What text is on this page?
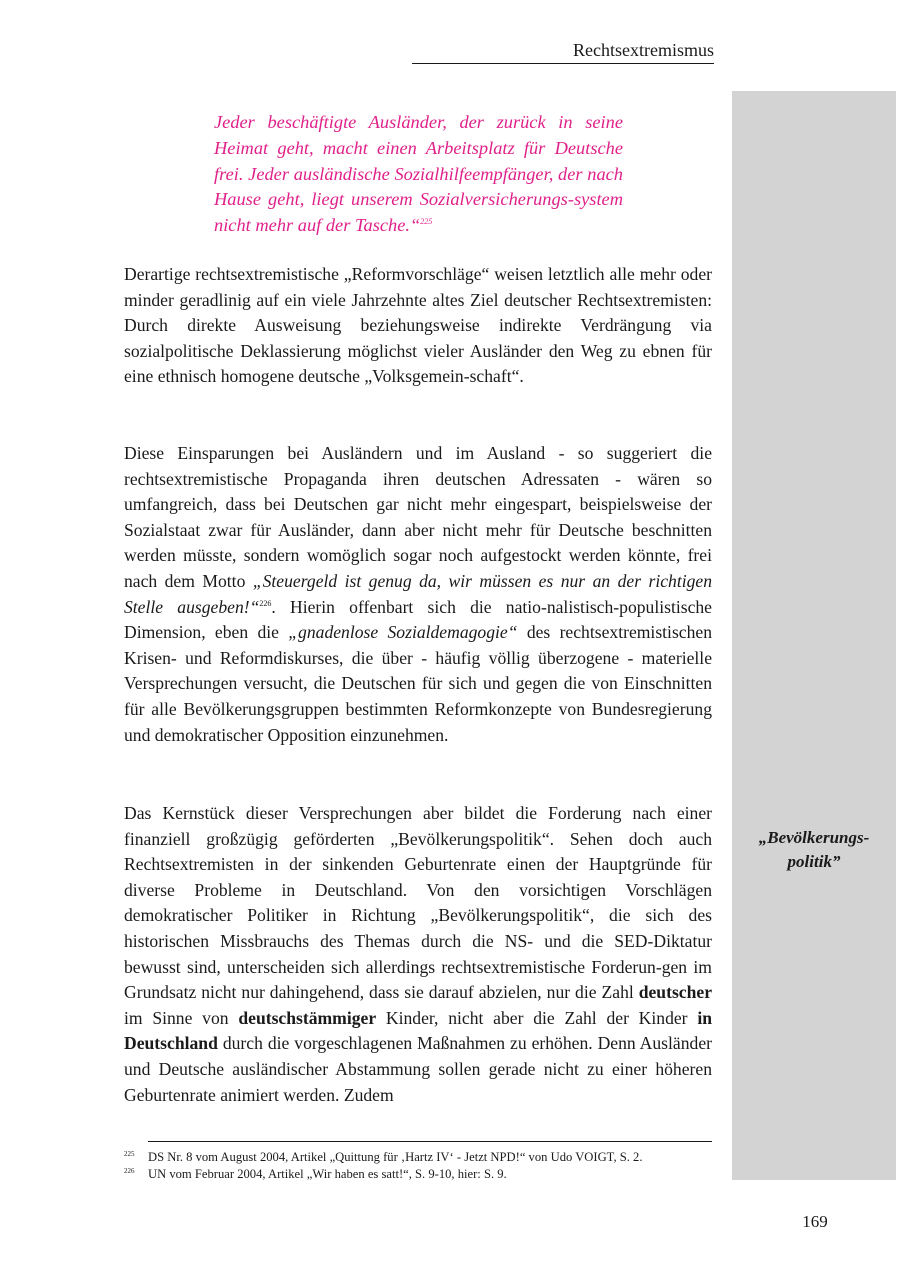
Rechtsextremismus
„Bevölkerungs-politik”
Jeder beschäftigte Ausländer, der zurück in seine Heimat geht, macht einen Arbeitsplatz für Deutsche frei. Jeder ausländische Sozialhilfeempfänger, der nach Hause geht, liegt unserem Sozialversicherungs-system nicht mehr auf der Tasche.“$^{225}$

Derartige rechtsextremistische „Reformvorschläge“ weisen letztlich alle mehr oder minder geradlinig auf ein viele Jahrzehnte altes Ziel deutscher Rechtsextremisten: Durch direkte Ausweisung beziehungsweise indirekte Verdrängung via sozialpolitische Deklassierung möglichst vieler Ausländer den Weg zu ebnen für eine ethnisch homogene deutsche „Volksgemein-schaft“.

Diese Einsparungen bei Ausländern und im Ausland - so suggeriert die rechtsextremistische Propaganda ihren deutschen Adressaten - wären so umfangreich, dass bei Deutschen gar nicht mehr eingespart, beispielsweise der Sozialstaat zwar für Ausländer, dann aber nicht mehr für Deutsche beschnitten werden müsste, sondern womöglich sogar noch aufgestockt werden könnte, frei nach dem Motto „Steuergeld ist genug da, wir müssen es nur an der richtigen Stelle ausgeben!“$^{226}$. Hierin offenbart sich die natio-nalistisch-populistische Dimension, eben die „gnadenlose Sozialdemagogie“ des rechtsextremistischen Krisen- und Reformdiskurses, die über - häufig völlig überzogene - materielle Versprechungen versucht, die Deutschen für sich und gegen die von Einschnitten für alle Bevölkerungsgruppen bestimmten Reformkonzepte von Bundesregierung und demokratischer Opposition einzunehmen.

Das Kernstück dieser Versprechungen aber bildet die Forderung nach einer finanziell großzügig geförderten „Bevölkerungspolitik“. Sehen doch auch Rechtsextremisten in der sinkenden Geburtenrate einen der Hauptgründe für diverse Probleme in Deutschland. Von den vorsichtigen Vorschlägen demokratischer Politiker in Richtung „Bevölkerungspolitik“, die sich des historischen Missbrauchs des Themas durch die NS- und die SED-Diktatur bewusst sind, unterscheiden sich allerdings rechtsextremistische Forderun-gen im Grundsatz nicht nur dahingehend, dass sie darauf abzielen, nur die Zahl deutscher im Sinne von deutschstämmiger Kinder, nicht aber die Zahl der Kinder in Deutschland durch die vorgeschlagenen Maßnahmen zu erhöhen. Denn Ausländer und Deutsche ausländischer Abstammung sollen gerade nicht zu einer höheren Geburtenrate animiert werden. Zudem

225 DS Nr. 8 vom August 2004, Artikel „Quittung für ‚Hartz IV‘ - Jetzt NPD!“ von Udo VOIGT, S. 2.
226 UN vom Februar 2004, Artikel „Wir haben es satt!“, S. 9-10, hier: S. 9.
169
